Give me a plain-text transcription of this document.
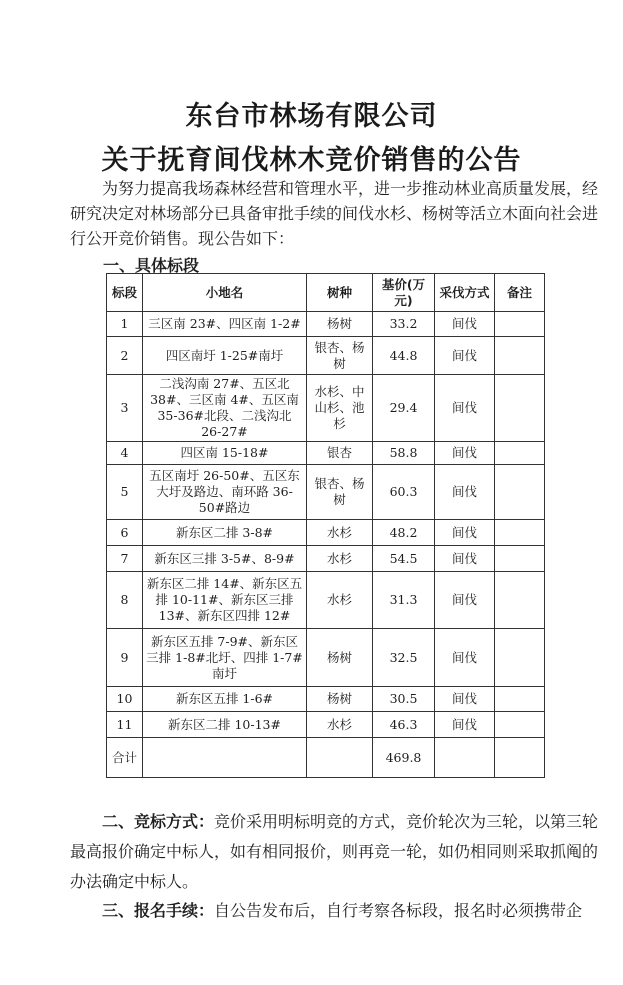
东台市林场有限公司
关于抚育间伐林木竞价销售的公告

为努力提高我场森林经营和管理水平，进一步推动林业高质量发展，经研究决定对林场部分已具备审批手续的间伐水杉、杨树等活立木面向社会进行公开竞价销售。现公告如下：

一、具体标段
标段	小地名	树种	基价(万元)	采伐方式	备注
1	三区南 23#、四区南 1-2#	杨树	33.2	间伐	
2	四区南圩 1-25#南圩	银杏、杨树	44.8	间伐	
3	二浅沟南 27#、五区北 38#、三区南 4#、五区南 35-36#北段、二浅沟北 26-27#	水杉、中山杉、池杉	29.4	间伐	
4	四区南 15-18#	银杏	58.8	间伐	
5	五区南圩 26-50#、五区东大圩及路边、南环路 36-50#路边	银杏、杨树	60.3	间伐	
6	新东区二排 3-8#	水杉	48.2	间伐	
7	新东区三排 3-5#、8-9#	水杉	54.5	间伐	
8	新东区二排 14#、新东区五排 10-11#、新东区三排 13#、新东区四排 12#	水杉	31.3	间伐	
9	新东区五排 7-9#、新东区三排 1-8#北圩、四排 1-7#南圩	杨树	32.5	间伐	
10	新东区五排 1-6#	杨树	30.5	间伐	
11	新东区二排 10-13#	水杉	46.3	间伐	
合计			469.8		

二、竞标方式：竞价采用明标明竞的方式，竞价轮次为三轮，以第三轮最高报价确定中标人，如有相同报价，则再竞一轮，如仍相同则采取抓阄的办法确定中标人。

三、报名手续：自公告发布后，自行考察各标段，报名时必须携带企
